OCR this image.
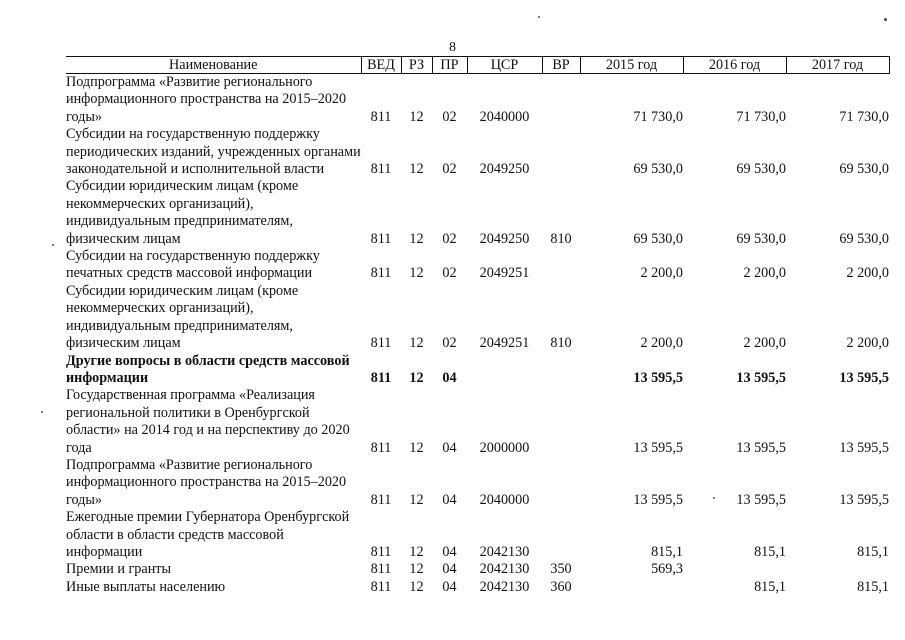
8
Наименование	ВЕД	РЗ	ПР	ЦСР	ВР	2015 год	2016 год	2017 год
Подпрограмма «Развитие регионального информационного пространства на 2015–2020 годы»	811	12	02	2040000		71 730,0	71 730,0	71 730,0
Субсидии на государственную поддержку периодических изданий, учрежденных органами законодательной и исполнительной власти	811	12	02	2049250		69 530,0	69 530,0	69 530,0
Субсидии юридическим лицам (кроме некоммерческих организаций), индивидуальным предпринимателям, физическим лицам	811	12	02	2049250	810	69 530,0	69 530,0	69 530,0
Субсидии на государственную поддержку печатных средств массовой информации	811	12	02	2049251		2 200,0	2 200,0	2 200,0
Субсидии юридическим лицам (кроме некоммерческих организаций), индивидуальным предпринимателям, физическим лицам	811	12	02	2049251	810	2 200,0	2 200,0	2 200,0
Другие вопросы в области средств массовой информации	811	12	04			13 595,5	13 595,5	13 595,5
Государственная программа «Реализация региональной политики в Оренбургской области» на 2014 год и на перспективу до 2020 года	811	12	04	2000000		13 595,5	13 595,5	13 595,5
Подпрограмма «Развитие регионального информационного пространства на 2015–2020 годы»	811	12	04	2040000		13 595,5	13 595,5	13 595,5
Ежегодные премии Губернатора Оренбургской области в области средств массовой информации	811	12	04	2042130		815,1	815,1	815,1
Премии и гранты	811	12	04	2042130	350	569,3		
Иные выплаты населению	811	12	04	2042130	360		815,1	815,1
